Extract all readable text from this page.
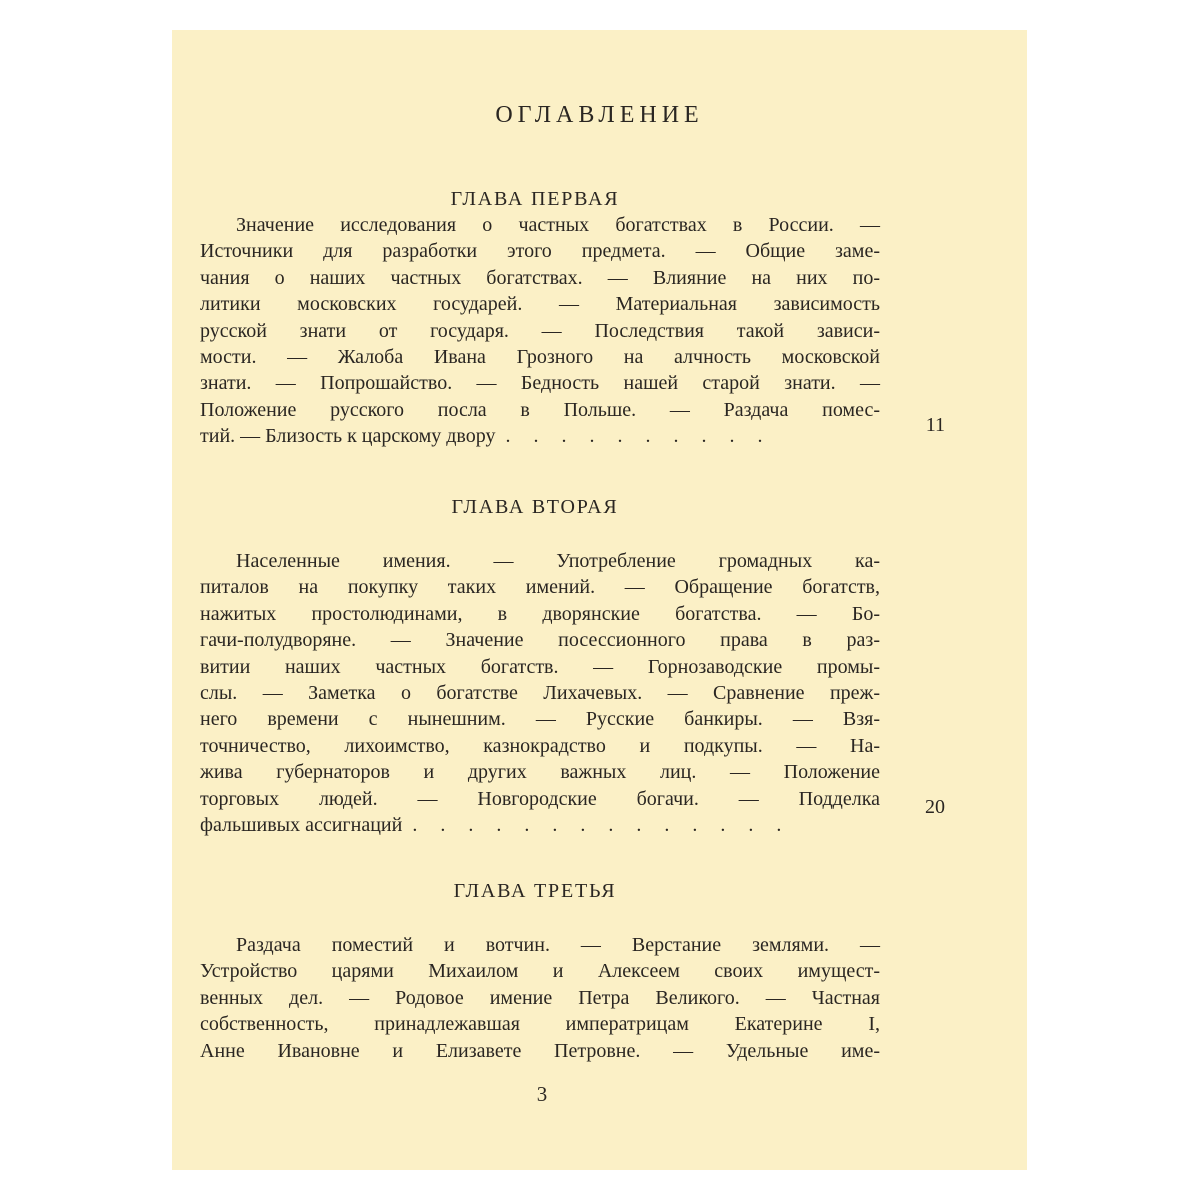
ОГЛАВЛЕНИЕ
ГЛАВА ПЕРВАЯ
Значение исследования о частных богатствах в России. —
Источники для разработки этого предмета. — Общие заме-
чания о наших частных богатствах. — Влияние на них по-
литики московских государей. — Материальная зависимость
русской знати от государя. — Последствия такой зависи-
мости. — Жалоба Ивана Грозного на алчность московской
знати. — Попрошайство. — Бедность нашей старой знати. —
Положение русского посла в Польше. — Раздача помес-
тий. — Близость к царскому двору . . . . . . . . . .
11
ГЛАВА ВТОРАЯ
Населенные имения. — Употребление громадных ка-
питалов на покупку таких имений. — Обращение богатств,
нажитых простолюдинами, в дворянские богатства. — Бо-
гачи-полудворяне. — Значение посессионного права в раз-
витии наших частных богатств. — Горнозаводские промы-
слы. — Заметка о богатстве Лихачевых. — Сравнение преж-
него времени с нынешним. — Русские банкиры. — Взя-
точничество, лихоимство, казнокрадство и подкупы. — На-
жива губернаторов и других важных лиц. — Положение
торговых людей. — Новгородские богачи. — Подделка
фальшивых ассигнаций . . . . . . . . . . . . . .
20
ГЛАВА ТРЕТЬЯ
Раздача поместий и вотчин. — Верстание землями. —
Устройство царями Михаилом и Алексеем своих имущест-
венных дел. — Родовое имение Петра Великого. — Частная
собственность, принадлежавшая императрицам Екатерине I,
Анне Ивановне и Елизавете Петровне. — Удельные име-
3
